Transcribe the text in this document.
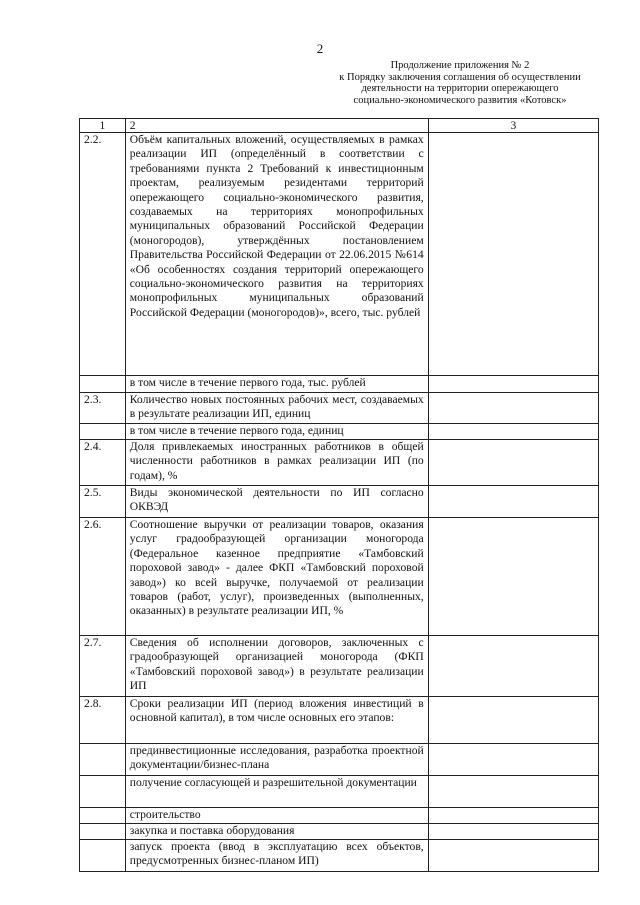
2
Продолжение приложения № 2
к Порядку заключения соглашения об осуществлении
деятельности на территории опережающего
социально-экономического развития «Котовск»
1	2	3
2.2.	Объём капитальных вложений, осуществляемых в рамках реализации ИП (определённый в соответствии с требованиями пункта 2 Требований к инвестиционным проектам, реализуемым резидентами территорий опережающего социально-экономического развития, создаваемых на территориях монопрофильных муниципальных образований Российской Федерации (моногородов), утверждённых постановлением Правительства Российской Федерации от 22.06.2015 №614 «Об особенностях создания территорий опережающего социально-экономического развития на территориях монопрофильных муниципальных образований Российской Федерации (моногородов)», всего, тыс. рублей	
	в том числе в течение первого года, тыс. рублей	
2.3.	Количество новых постоянных рабочих мест, создаваемых в результате реализации ИП, единиц	
	в том числе в течение первого года, единиц	
2.4.	Доля привлекаемых иностранных работников в общей численности работников в рамках реализации ИП (по годам), %	
2.5.	Виды экономической деятельности по ИП согласно ОКВЭД	
2.6.	Соотношение выручки от реализации товаров, оказания услуг градообразующей организации моногорода (Федеральное казенное предприятие «Тамбовский пороховой завод» - далее ФКП «Тамбовский пороховой завод») ко всей выручке, получаемой от реализации товаров (работ, услуг), произведенных (выполненных, оказанных) в результате реализации ИП, %	
2.7.	Сведения об исполнении договоров, заключенных с градообразующей организацией моногорода (ФКП «Тамбовский пороховой завод») в результате реализации ИП	
2.8.	Сроки реализации ИП (период вложения инвестиций в основной капитал), в том числе основных его этапов:	
	прединвестиционные исследования, разработка проектной документации/бизнес-плана	
	получение согласующей и разрешительной документации	
	строительство	
	закупка и поставка оборудования	
	запуск проекта (ввод в эксплуатацию всех объектов, предусмотренных бизнес-планом ИП)	
